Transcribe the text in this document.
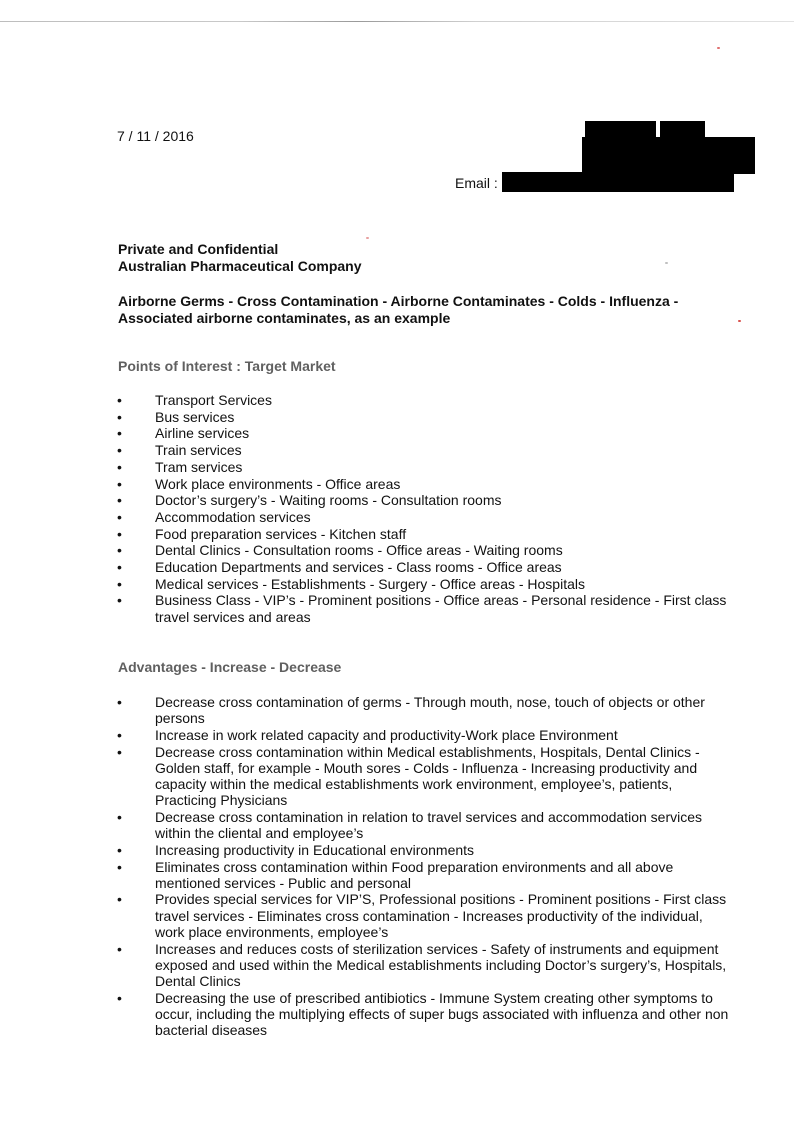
7 / 11 / 2016
Email :
Private and Confidential
Australian Pharmaceutical Company
Airborne Germs - Cross Contamination - Airborne Contaminates - Colds - Influenza -
Associated airborne contaminates, as an example
Points of Interest : Target Market
• Transport Services
• Bus services
• Airline services
• Train services
• Tram services
• Work place environments - Office areas
• Doctor’s surgery’s - Waiting rooms - Consultation rooms
• Accommodation services
• Food preparation services - Kitchen staff
• Dental Clinics - Consultation rooms - Office areas - Waiting rooms
• Education Departments and services - Class rooms - Office areas
• Medical services - Establishments - Surgery - Office areas - Hospitals
• Business Class - VIP’s - Prominent positions - Office areas - Personal residence - First class travel services and areas
Advantages - Increase - Decrease
• Decrease cross contamination of germs - Through mouth, nose, touch of objects or other persons
• Increase in work related capacity and productivity-Work place Environment
• Decrease cross contamination within Medical establishments, Hospitals, Dental Clinics - Golden staff, for example - Mouth sores - Colds - Influenza - Increasing productivity and capacity within the medical establishments work environment, employee’s, patients, Practicing Physicians
• Decrease cross contamination in relation to travel services and accommodation services within the cliental and employee’s
• Increasing productivity in Educational environments
• Eliminates cross contamination within Food preparation environments and all above mentioned services - Public and personal
• Provides special services for VIP’S, Professional positions - Prominent positions - First class travel services - Eliminates cross contamination - Increases productivity of the individual, work place environments, employee’s
• Increases and reduces costs of sterilization services - Safety of instruments and equipment exposed and used within the Medical establishments including Doctor’s surgery’s, Hospitals, Dental Clinics
• Decreasing the use of prescribed antibiotics - Immune System creating other symptoms to occur, including the multiplying effects of super bugs associated with influenza and other non bacterial diseases
